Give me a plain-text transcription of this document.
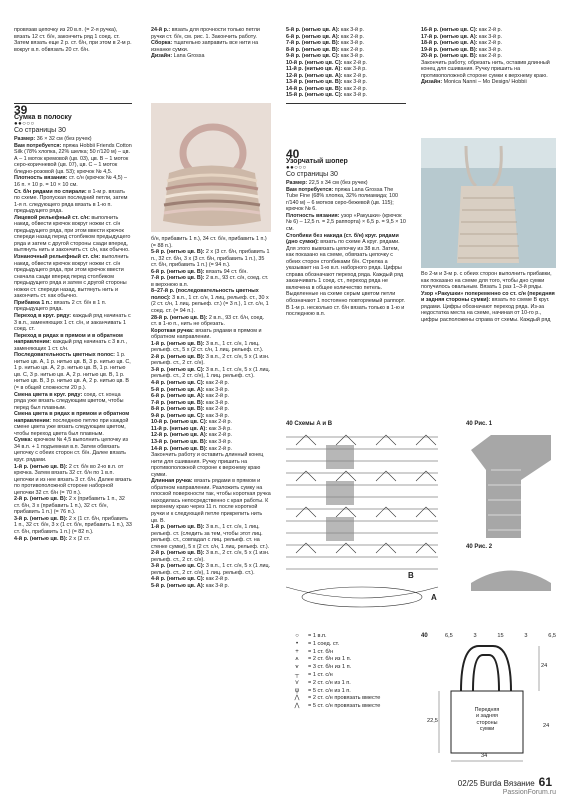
провязав цепочку из 20 в.п. (= 2-я ручка), вязать 12 ст. б/н, закончить ряд 1 соед. ст.

Затем вязать еще 2 р. ст. б/н, при этом в 2-м р. вокруг в.п. обвязать 20 ст. б/н.

39
Сумка в полоску
●●○○○
Со страницы 30

Размер: 36 × 32 см (без ручек)

Вам потребуется: пряжа Hobbii Friends Cotton Silk (78% хлопка, 22% шелка; 50 г/120 м) – цв. А – 1 моток кремовой (цв. 03), цв. В – 1 моток серо-коричневой (цв. 07), цв. С – 1 моток бледно-розовой (цв. 53); крючок № 4,5.

Плотность вязания: ст. с/н (крючок № 4,5) – 16 п. × 10 р. = 10 × 10 см.

Ст. б/н рядами по спирали: в 1-м р. вязать по схеме. Пропуская последний петли, затем 1-я п. следующего ряда вязать в 1-ю п. предыдущего ряда.

Лицевой рельефный ст. с/н: выполнить накид, обвести крючок вокруг ножки ст. с/н предыдущего ряда, при этом ввести крючок спереди назад перед столбиком предыдущего ряда и затем с другой стороны сзади вперед, вытянуть нить и закончить ст. с/н, как обычно.

Изнаночный рельефный ст. с/н: выполнить накид, обвести крючок вокруг ножки ст. с/н предыдущего ряда, при этом крючок ввести сначала сзади вперед перед столбиком предыдущего ряда и затем с другой стороны ножки ст. спереди назад, вытянуть нить и закончить ст. как обычно.

Прибавка 1 п.: вязать 2 ст. б/н в 1 п. предыдущего ряда.

Переход в круг. ряду: каждый ряд начинать с 3 в.п., заменяющих 1 ст. с/н, и заканчивать 1 соед. ст.

Переход в рядах в прямом и в обратном направлении: каждый ряд начинать с 3 в.п., заменяющих 1 ст. с/н.

Последовательность цветных полос: 1 р. нитью цв. А, 1 р. нитью цв. В, 3 р. нитью цв. С, 1 р. нитью цв. А, 2 р. нитью цв. В, 1 р. нитью цв. С, 3 р. нитью цв. А, 2 р. нитью цв. В, 1 р. нитью цв. В, 3 р. нитью цв. А, 2 р. нитью цв. В (= в общей сложности 20 р.).

Смена цвета в круг. ряду: соед. ст. конца ряда уже вязать следующим цветом, чтобы перед был плавным.

Смена цвета в рядах в прямом и обратном направлении: последнюю петлю при каждой смене цвета уже вязать следующим цветом, чтобы переход цвета был плавным.

Сумка: крючком № 4,5 выполнить цепочку из 34 в.п. + 1 подъемная в.п. Затем обвязать цепочку с обеих сторон ст. б/н. Далее вязать круг. рядами.

1-й р. (нитью цв. В): 2 ст. б/н во 2-ю в.п. от крючка. Затем вязать 32 ст. б/н по 1 в.п. цепочки и из нее вязать 3 ст. б/н. Далее вязать по противоположной стороне наборной цепочки 32 ст. б/н (= 70 п.).

2-й р. (нитью цв. В): 2 х (прибавить 1 п., 32 ст. б/н, 3 х (прибавить 1 п.), 32 ст. б/н, прибавить 1 п.) (= 76 п.).

3-й р. (нитью цв. В): 2 х (1 ст. б/н, прибавить 1 п., 32 ст. б/н, 3 х (1 ст. б/н, прибавить 1 п.), 33 ст. б/н, прибавить 1 п.) (= 82 п.).

4-й р. (нитью цв. В): 2 х (2 ст.

24-й р.: вязать для прочности только петли ручки ст. б/н, см. рис. 1. Закончить работу.

Сборка: тщательно заправить все нити на изнанке сумки.

Дизайн: Lana Grossa

б/н, прибавить 1 п.), 34 ст. б/н, прибавить 1 п.) (= 88 п.).

5-й р. (нитью цв. В): 2 х (3 ст. б/н, прибавить 1 п., 32 ст. б/н, 3 х (3 ст. б/н, прибавить 1 п.), 35 ст. б/н, прибавить 1 п.) (= 94 п.).

6-й р. (нитью цв. В): вязать 94 ст. б/н.

7-й р. (нитью цв. В): 2 в.п., 93 ст. с/н, соед. ст. в верхнюю в.п.

8–27-й р. (последовательность цветных полос): 3 в.п., 1 ст. с/н, 1 лиц. рельеф. ст., 30 х (2 ст. с/н, 1 лиц. рельеф. ст.) (= 3 п.), 1 ст. с/н, 1 соед. ст. (= 94 п.).

28-й р. (нитью цв. В): 2 в.п., 93 ст. б/н, соед. ст. в 1-ю п., нить не обрезать.

Короткая ручка: вязать рядами в прямом и обратном направлении.

1-й р. (нитью цв. В): 3 в.п., 1 ст. с/н, 1 лиц. рельеф. ст., 5 х (2 ст. с/н, 1 лиц. рельеф. ст.).

2-й р. (нитью цв. В): 3 в.п., 2 ст. с/н, 5 х (1 изн. рельеф. ст., 2 ст. с/н).

3-й р. (нитью цв. С): 3 в.п., 1 ст. с/н, 5 х (1 лиц. рельеф. ст., 2 ст. с/н), 1 лиц. рельеф. ст.).

4-й р. (нитью цв. С): как 2-й р.

5-й р. (нитью цв. А): как 3-й р.

6-й р. (нитью цв. А): как 2-й р.

7-й р. (нитью цв. В): как 3-й р.

8-й р. (нитью цв. В): как 2-й р.

9-й р. (нитью цв. С): как 3-й р.

10-й р. (нитью цв. С): как 2-й р.

11-й р. (нитью цв. А): как 3-й р.

12-й р. (нитью цв. А): как 2-й р.

13-й р. (нитью цв. В): как 3-й р.

14-й р. (нитью цв. В): как 2-й р.

Закончить работу и оставить длинный конец нити для сшивания. Ручку пришить на противоположной стороне к верхнему краю сумки.

Длинная ручка: вязать рядами в прямом и обратном направлении. Разложить сумку на плоской поверхности так, чтобы короткая ручка находилась непосредственно с края работы. К верхнему краю через 11 п. после короткой ручки и к следующей петле прикрепить нить цв. В.

1-й р. (нитью цв. В): 3 в.п., 1 ст. с/н, 1 лиц. рельеф. ст. (следить за тем, чтобы этот лиц. рельеф. ст., совпадал с лиц. рельеф. ст. на стенке сумки), 5 х (2 ст. с/н, 1 лиц. рельеф. ст.).

2-й р. (нитью цв. В): 3 в.п., 2 ст. с/н, 5 х (1 изн. рельеф. ст., 2 ст. с/н).

3-й р. (нитью цв. С): 3 в.п., 1 ст. с/н, 5 х (1 лиц. рельеф. ст., 2 ст. с/н), 1 лиц. рельеф. ст.).

4-й р. (нитью цв. С): как 2-й р.

5-й р. (нитью цв. А): как 3-й р.

5-й р. (нитью цв. А): как 3-й р.

6-й р. (нитью цв. А): как 2-й р.

7-й р. (нитью цв. В): как 3-й р.

8-й р. (нитью цв. В): как 2-й р.

9-й р. (нитью цв. С): как 3-й р.

10-й р. (нитью цв. С): как 2-й р.

11-й р. (нитью цв. А): как 3-й р.

12-й р. (нитью цв. А): как 2-й р.

13-й р. (нитью цв. В): как 3-й р.

14-й р. (нитью цв. В): как 2-й р.

15-й р. (нитью цв. С): как 3-й р.

40
Узорчатый шопер
●●○○○
Со страницы 30

Размер: 22,5 х 34 см (без ручек)

Вам потребуется: пряжа Lana Grossa The Tube Fine (68% хлопка, 32% полиамида; 100 г/140 м) – 6 мотков серо-бежевой (цв. 115); крючок № 6.

Плотность вязания: узор «Ракушки» (крючок № 6) – 12,5 п. = 2,5 раппорта) × 6,5 р. = 9,5 × 10 см.

Столбики без накида (ст. б/н) круг. рядами (дно сумки): вязать по схеме А круг. рядами. Для этого вывязать цепочку из 38 в.п. Затем, как показано на схеме, обвязать цепочку с обеих сторон столбиками б/н. Стрелка а указывает на 1-ю в.п. наборного ряда. Цифры справа обозначают переход ряда. Каждый ряд заканчивать 1 соед. ст., переход ряда не включена в общее количество петель. Выделенные на схеме серым цветом петли обозначают 1 постоянно повторяемый раппорт.

В 1-м р. несколько ст. б/н вязать только в 1-ю и последнюю в.п.

16-й р. (нитью цв. С): как 2-й р.

17-й р. (нитью цв. А): как 3-й р.

18-й р. (нитью цв. А): как 2-й р.

19-й р. (нитью цв. В): как 3-й р.

20-й р. (нитью цв. В): как 2-й р.

Закончить работу, обрезать нить, оставив длинный конец для сшивания. Ручку пришить на противоположной стороне сумки к верхнему краю.

Дизайн: Monica Nanni – Mo Design/ Hobbii

Во 2-м и 3-м р. с обеих сторон выполнить прибавки, как показано на схеме для того, чтобы дно сумки получилось овальным. Вязать 1 раз 1–3-й ряды.

Узор «Ракушки» попеременно со ст. с/н (передняя и задняя стороны сумки): вязать по схеме В круг. рядами. Цифры обозначают переход ряда. Из-за недостатка места на схеме, начиная от 10-го р., цифры расположены справа от схемы. Каждый ряд

40 Схемы А и В
B
A
40 Рис. 1
40 Рис. 2
○	= 1 в.п.
•	= 1 соед. ст.
+	= 1 ст. б/н
⩚	= 2 ст. б/н из 1 п.
⩛	= 3 ст. б/н из 1 п.
┬	= 1 ст. с/н
⋎	= 2 ст. с/н из 1 п.
ψ	= 5 ст. с/н из 1 п.
⋀	= 2 ст. с/н провязать вместе
⋀	= 5 ст. с/н провязать вместе
40	6,5	3	15	3	6,5
24
22,5
34
24
Передняя
и задняя
стороны
сумки
02/25 Burda Вязание 61
PassionForum.ru
